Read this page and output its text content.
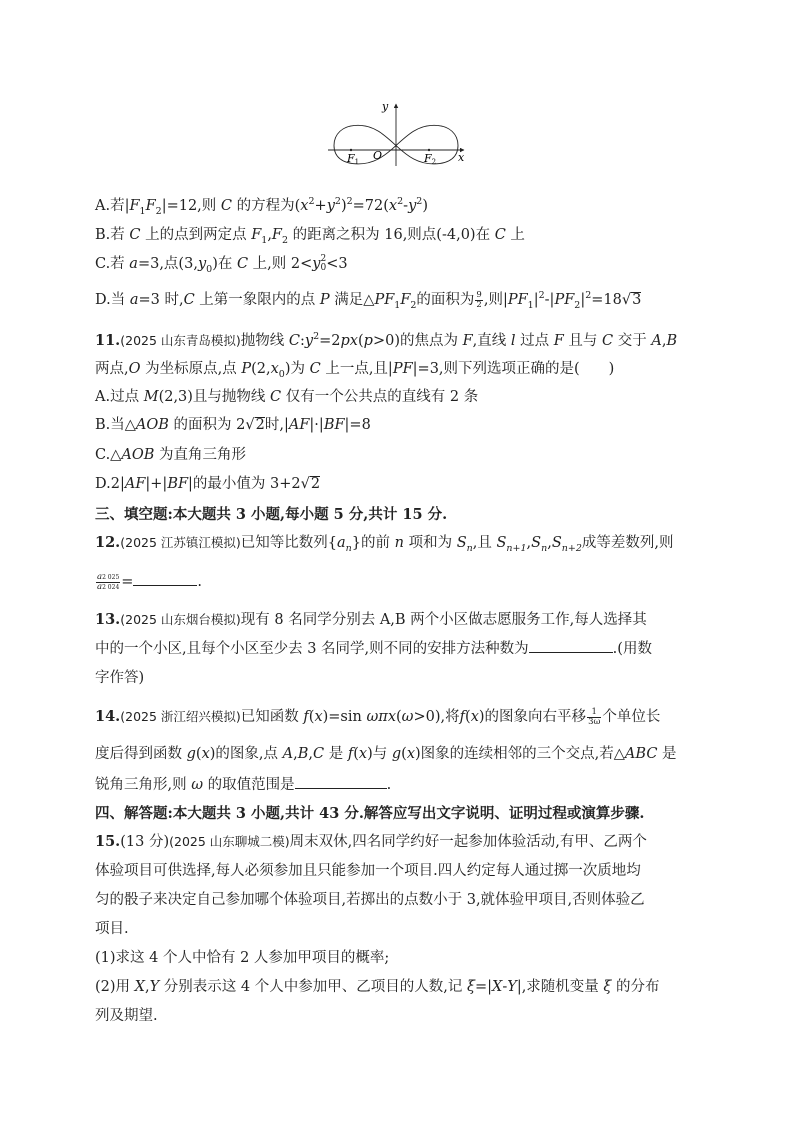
y
x
O
F1	F2
A.若$|F_1F_2|=12$,则 C 的方程为$(x^2+y^2)^2=72(x^2-y^2)$
B.若 C 上的点到两定点 $F_1,F_2$ 的距离之积为 16,则点(-4,0)在 C 上
C.若 a=3,点$(3,y_0)$在 C 上,则 2<y 2
0 <3
D.当 a=3 时,C 上第一象限内的点 P 满足$\triangle PF_1F_2$的面积为 $\frac{9}{2}$ ,则$|PF_1|^2-|PF_2|^2=18√3$
11.(2025 山东青岛模拟)抛物线 $C:y^2=2px(p>0)$的焦点为 F,直线 l 过点 F 且与 C 交于 A,B
两点,O 为坐标原点,点 $P(2,x_0)$为 C 上一点,且|PF|=3,则下列选项正确的是(　　)
A.过点 M(2,3)且与抛物线 C 仅有一个公共点的直线有 2 条
B.当△AOB 的面积为 2√2时,|AF|·|BF|=8
C.△AOB 为直角三角形
D.2|AF|+|BF|的最小值为 3+2√2
三、填空题:本大题共 3 小题,每小题 5 分,共计 15 分.
12.(2025 江苏镇江模拟)已知等比数列$\{a_n\}$的前 n 项和为 $S_n$,且 $S_{n+1},S_n,S_{n+2}$成等差数列,则
$\frac{a2 025}{a2 024}$ =	.
13.(2025 山东烟台模拟)现有 8 名同学分别去 A,B 两个小区做志愿服务工作,每人选择其
中的一个小区,且每个小区至少去 3 名同学,则不同的安排方法种数为	.(用数
字作答)
14.(2025 浙江绍兴模拟)已知函数 f(x)=sin ωπx(ω>0),将f(x)的图象向右平移 $\frac{1}{3\omega}$ 个单位长
度后得到函数 g(x)的图象,点 A,B,C 是 f(x)与 g(x)图象的连续相邻的三个交点,若△ABC 是
锐角三角形,则 ω 的取值范围是	.
四、解答题:本大题共 3 小题,共计 43 分.解答应写出文字说明、证明过程或演算步骤.
15.(13 分)(2025 山东聊城二模)周末双休,四名同学约好一起参加体验活动,有甲、乙两个
体验项目可供选择,每人必须参加且只能参加一个项目.四人约定每人通过掷一次质地均
匀的骰子来决定自己参加哪个体验项目,若掷出的点数小于 3,就体验甲项目,否则体验乙
项目.
(1)求这 4 个人中恰有 2 人参加甲项目的概率;
(2)用 X,Y 分别表示这 4 个人中参加甲、乙项目的人数,记 ξ=|X-Y|,求随机变量 ξ 的分布
列及期望.
